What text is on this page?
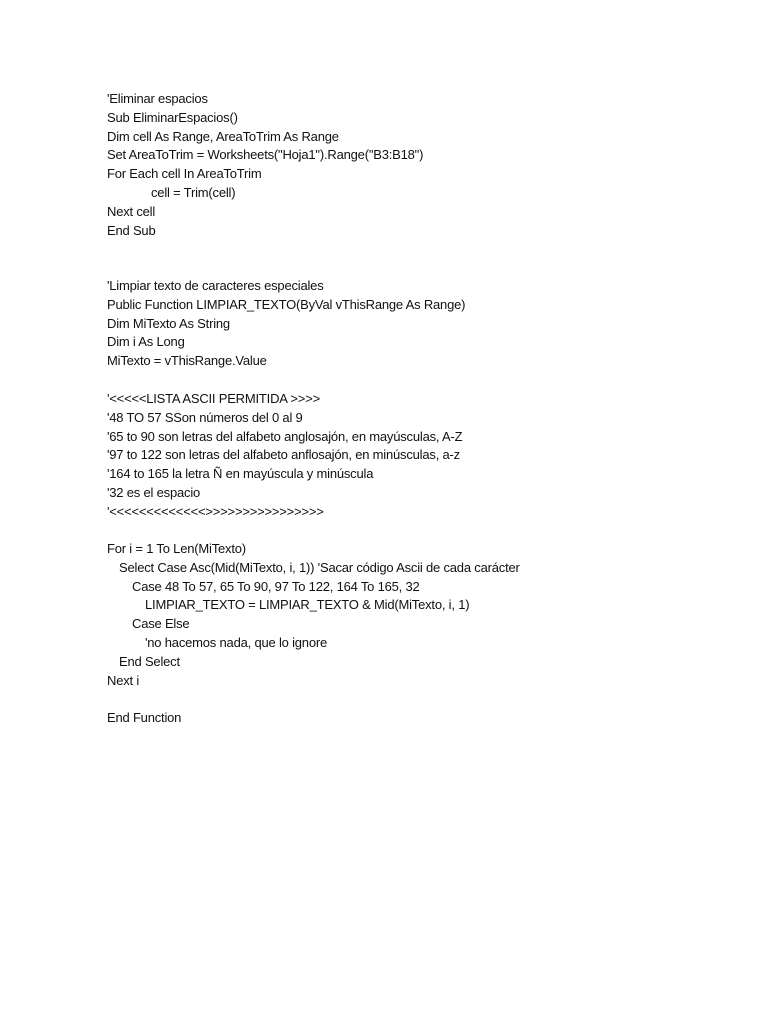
'Eliminar espacios
Sub EliminarEspacios()
Dim cell As Range, AreaToTrim As Range
Set AreaToTrim = Worksheets("Hoja1").Range("B3:B18")
For Each cell In AreaToTrim
cell = Trim(cell)
Next cell
End Sub
'Limpiar texto de caracteres especiales
Public Function LIMPIAR_TEXTO(ByVal vThisRange As Range)
Dim MiTexto As String
Dim i As Long
MiTexto = vThisRange.Value
'<<<<<LISTA ASCII PERMITIDA >>>>
'48 TO 57 SSon números del 0 al 9
'65 to 90 son letras del alfabeto anglosajón, en mayúsculas, A-Z
'97 to 122 son letras del alfabeto anflosajón, en minúsculas, a-z
'164 to 165 la letra Ñ en mayúscula y minúscula
'32 es el espacio
'<<<<<<<<<<<<<>>>>>>>>>>>>>>>>
For i = 1 To Len(MiTexto)
Select Case Asc(Mid(MiTexto, i, 1)) 'Sacar código Ascii de cada carácter
Case 48 To 57, 65 To 90, 97 To 122, 164 To 165, 32
LIMPIAR_TEXTO = LIMPIAR_TEXTO & Mid(MiTexto, i, 1)
Case Else
'no hacemos nada, que lo ignore
End Select
Next i
End Function
